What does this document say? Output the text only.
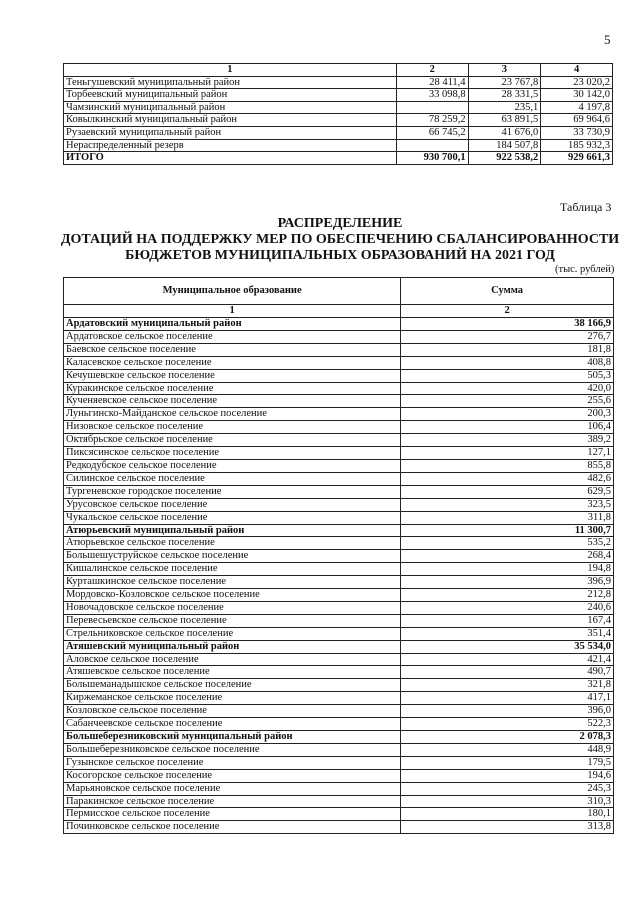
5
1	2	3	4
Теньгушевский муниципальный район	28 411,4	23 767,8	23 020,2
Торбеевский муниципальный район	33 098,8	28 331,5	30 142,0
Чамзинский муниципальный район		235,1	4 197,8
Ковылкинский муниципальный район	78 259,2	63 891,5	69 964,6
Рузаевский муниципальный район	66 745,2	41 676,0	33 730,9
Нераспределенный резерв		184 507,8	185 932,3
ИТОГО	930 700,1	922 538,2	929 661,3
Таблица 3
РАСПРЕДЕЛЕНИЕ
ДОТАЦИЙ НА ПОДДЕРЖКУ МЕР ПО ОБЕСПЕЧЕНИЮ СБАЛАНСИРОВАННОСТИ
БЮДЖЕТОВ МУНИЦИПАЛЬНЫХ ОБРАЗОВАНИЙ НА 2021 ГОД
(тыс. рублей)
Муниципальное образование	Сумма
1	2
Ардатовский муниципальный район	38 166,9
Ардатовское сельское поселение	276,7
Баевское сельское поселение	181,8
Каласевское сельское поселение	408,8
Кечушевское сельское поселение	505,3
Куракинское сельское поселение	420,0
Кученяевское сельское поселение	255,6
Луньгинско-Майданское сельское поселение	200,3
Низовское сельское поселение	106,4
Октябрьское сельское поселение	389,2
Пиксясинское сельское поселение	127,1
Редкодубское сельское поселение	855,8
Силинское сельское поселение	482,6
Тургеневское городское поселение	629,5
Урусовское сельское поселение	323,5
Чукальское сельское поселение	311,8
Атюрьевский муниципальный район	11 300,7
Атюрьевское сельское поселение	535,2
Большешуструйское сельское поселение	268,4
Кишалинское сельское поселение	194,8
Курташкинское сельское поселение	396,9
Мордовско-Козловское сельское поселение	212,8
Новочадовское сельское поселение	240,6
Перевесьевское сельское поселение	167,4
Стрельниковское сельское поселение	351,4
Атяшевский муниципальный район	35 534,0
Аловское сельское поселение	421,4
Атяшевское сельское поселение	490,7
Большеманадышское сельское поселение	321,8
Киржеманское сельское поселение	417,1
Козловское сельское поселение	396,0
Сабанчеевское сельское поселение	522,3
Большеберезниковский муниципальный район	2 078,3
Большеберезниковское сельское поселение	448,9
Гузынское сельское поселение	179,5
Косогорское сельское поселение	194,6
Марьяновское сельское поселение	245,3
Паракинское сельское поселение	310,3
Пермисское сельское поселение	180,1
Починковское сельское поселение	313,8
